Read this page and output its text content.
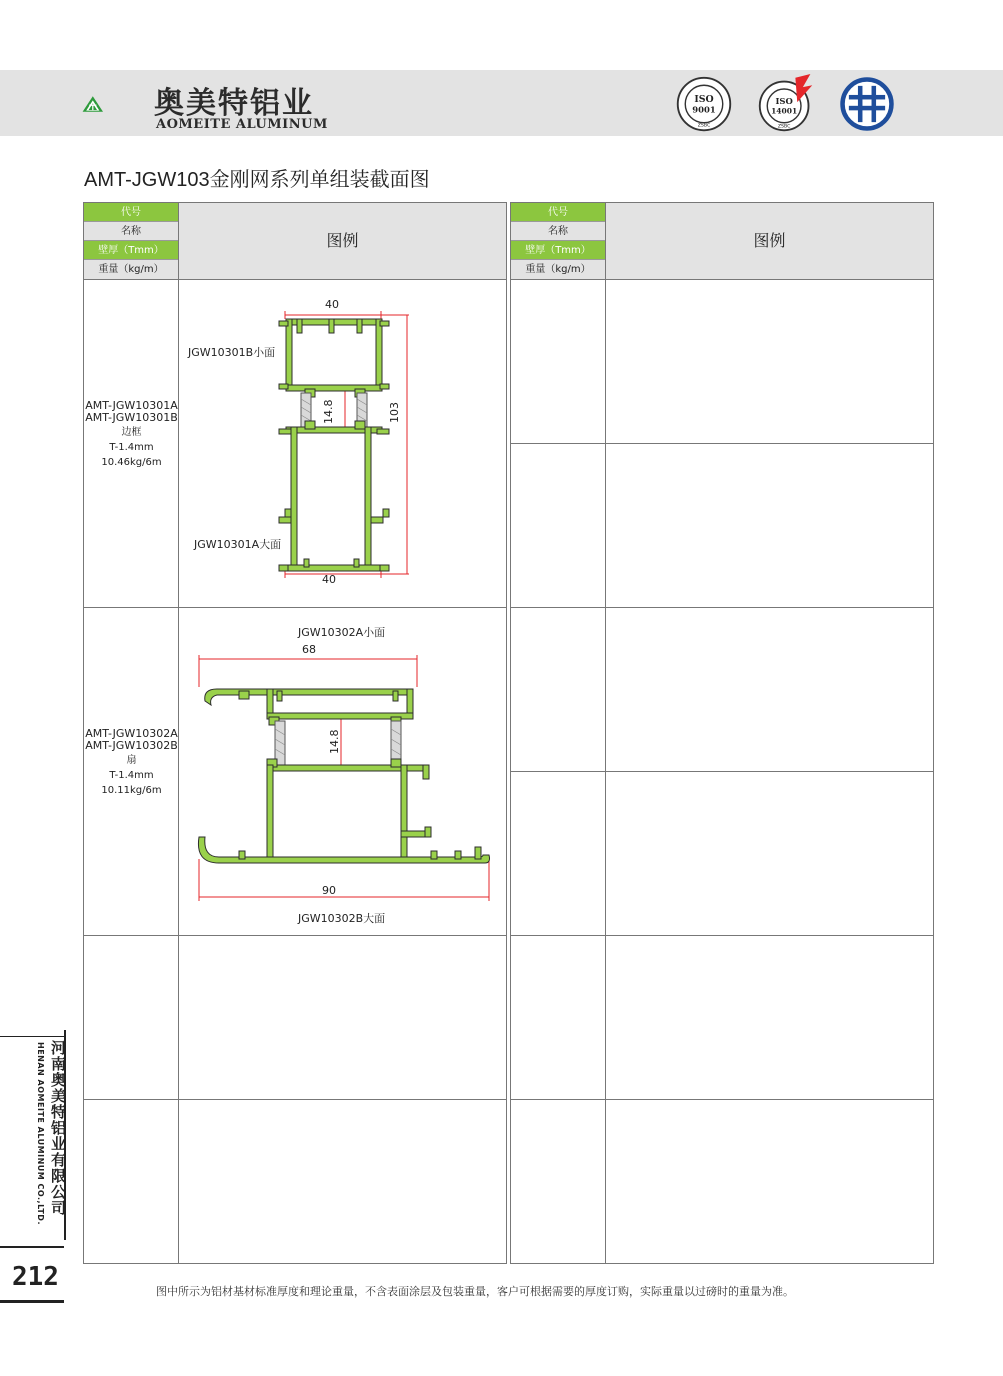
奥美特铝业
AOMEITE ALUMINUM
ISO
9001
ZSBC
ISO
14001
ZSBC
AMT-JGW103金刚网系列单组装截面图
代号
名称
壁厚（Tmm）
重量（kg/m）
图例
AMT-JGW10301A
AMT-JGW10301B
边框
T-1.4mm
10.46kg/6m
AMT-JGW10302A
AMT-JGW10302B
扇
T-1.4mm
10.11kg/6m
40
40
103
14.8
JGW10301B小面
JGW10301A大面
JGW10302A小面
JGW10302B大面
68
90
14.8
代号
名称
壁厚（Tmm）
重量（kg/m）
图例
河南奥美特铝业有限公司
HENAN AOMEITE ALUMINUM CO.,LTD.
212	图中所示为铝材基材标准厚度和理论重量，不含表面涂层及包装重量，客户可根据需要的厚度订购，实际重量以过磅时的重量为准。
